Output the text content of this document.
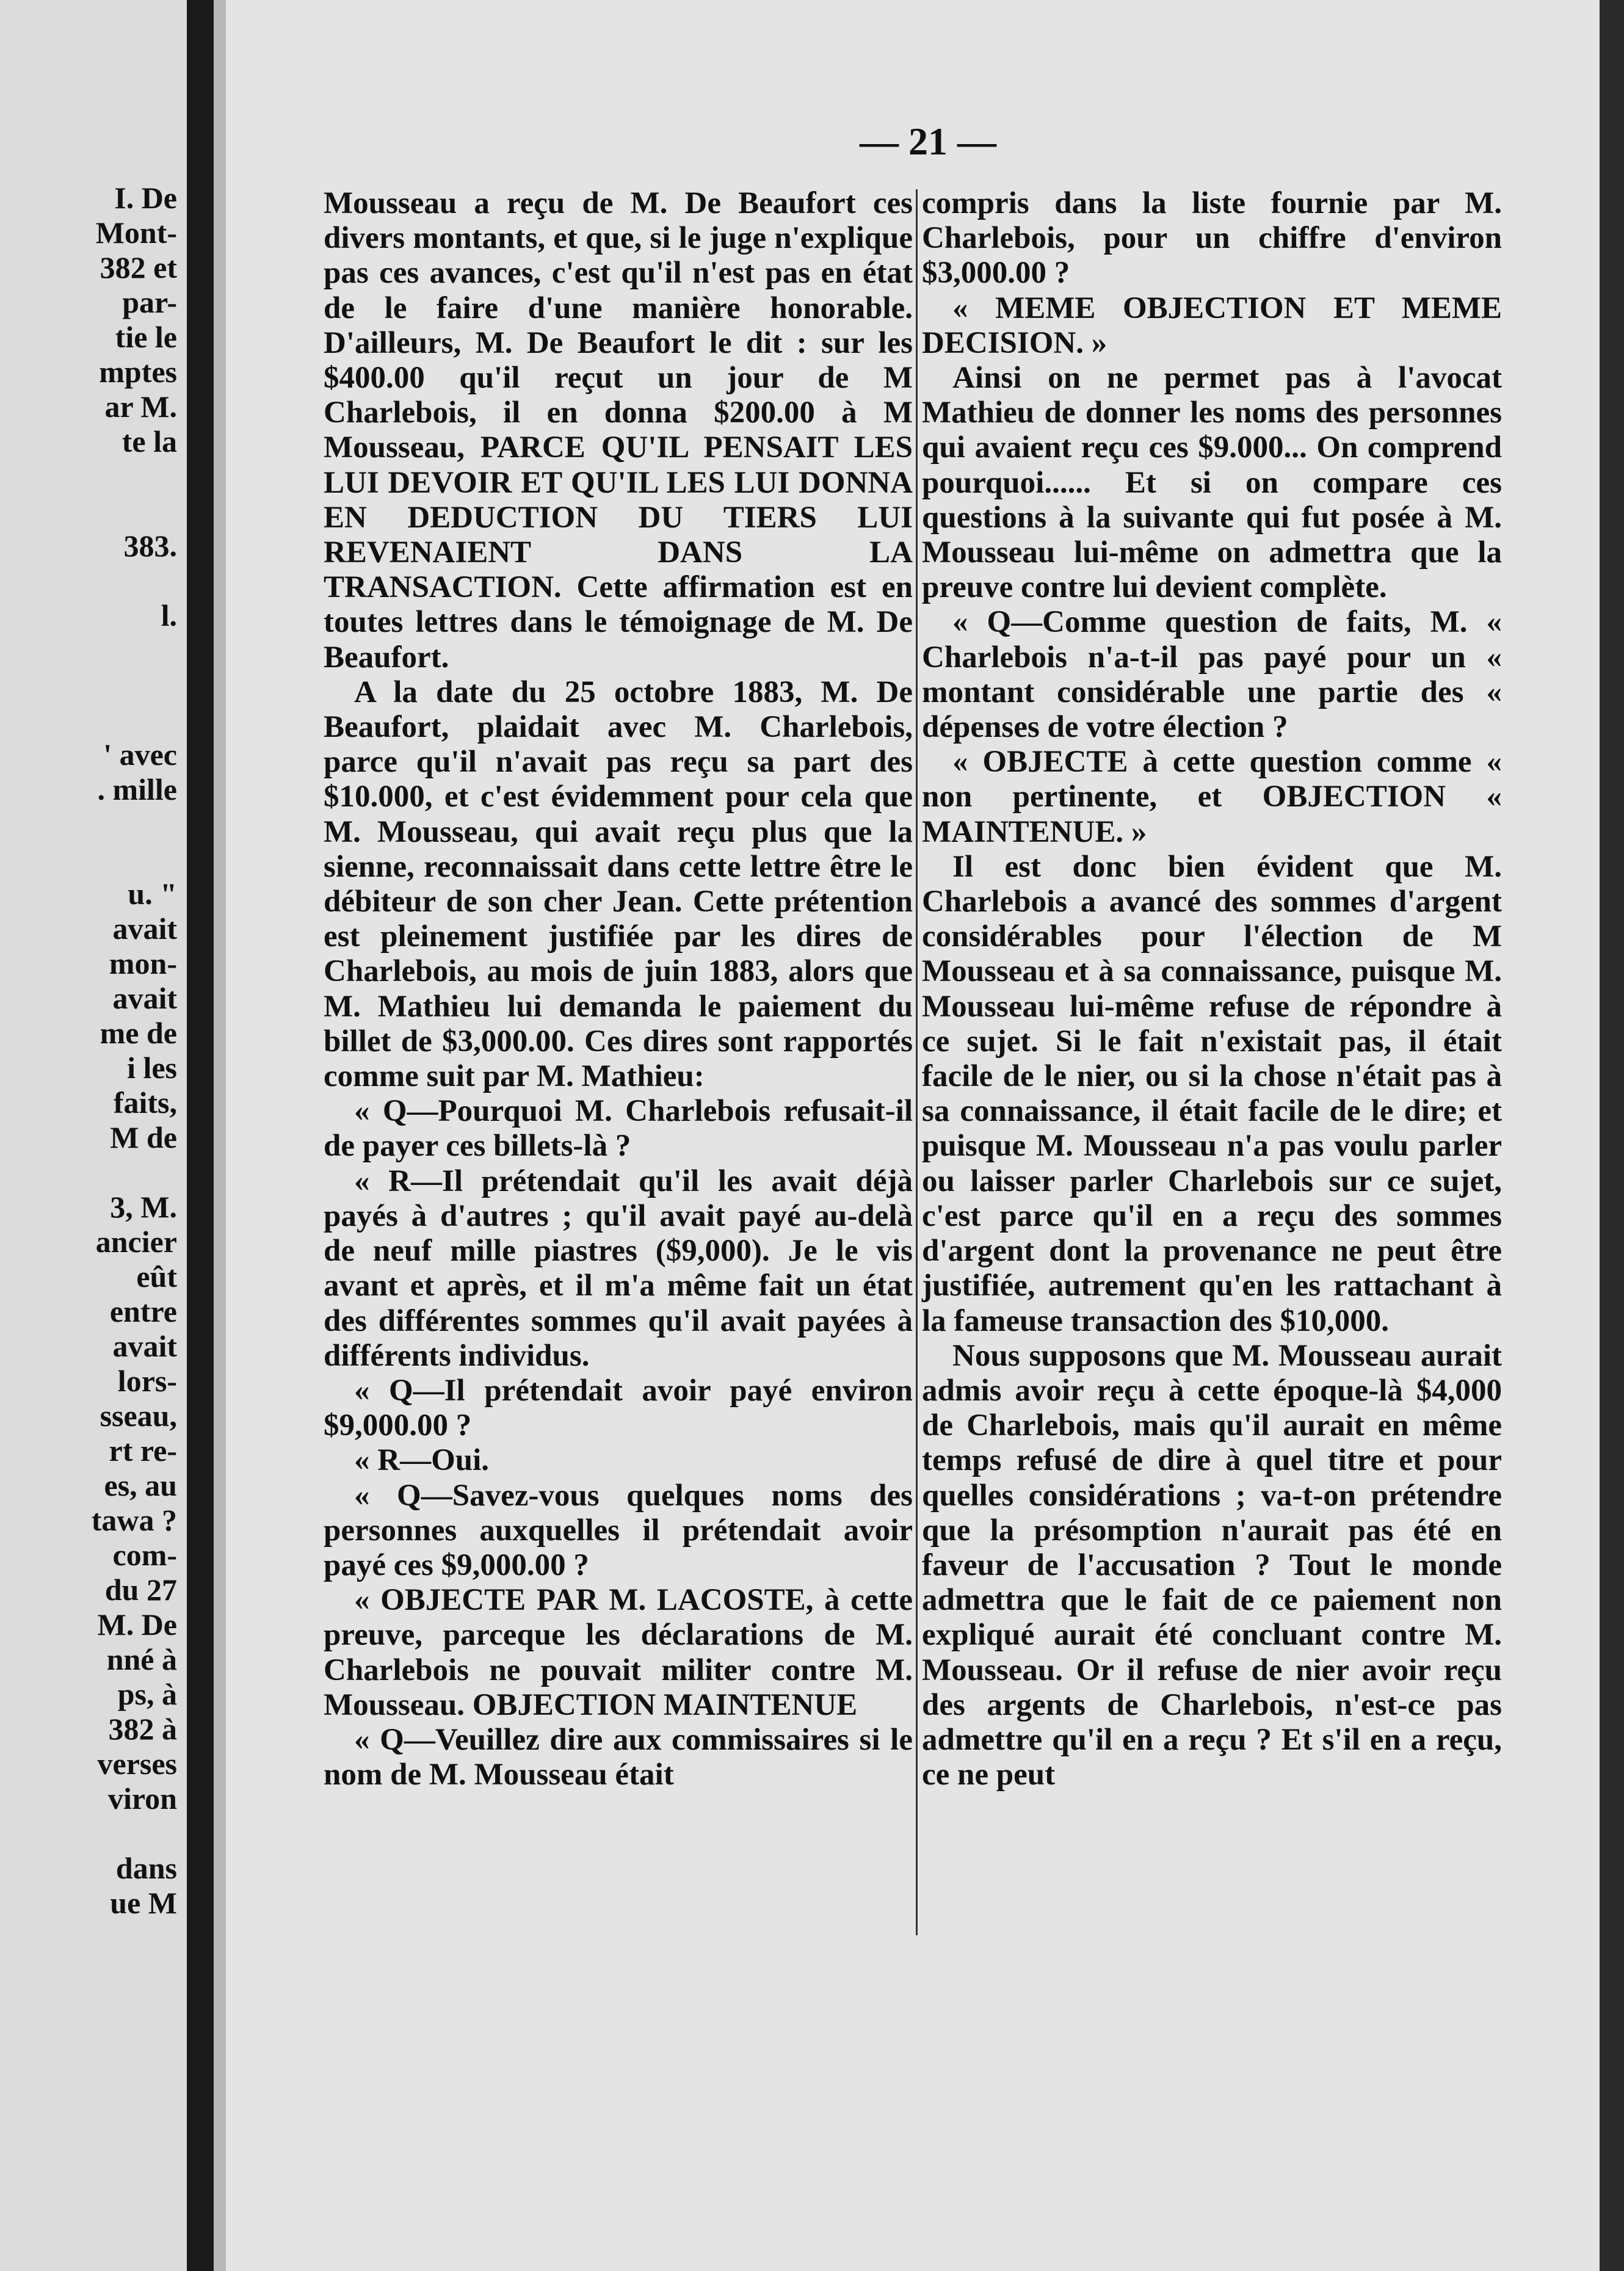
I. De
Mont-
382 et
par-
tie le
mptes
ar M.
te la

383.

l.

' avec
. mille

u. "
avait
mon-
avait
me de
i les
faits,
M de

3, M.
ancier
eût
entre
avait
lors-
sseau,
rt re-
es, au
tawa ?
com-
du 27
M. De
nné à
ps, à
382 à
verses
viron

dans
ue M
— 21 —

Mousseau a reçu de M. De Beaufort ces divers montants, et que, si le juge n'explique pas ces avances, c'est qu'il n'est pas en état de le faire d'une manière honorable. D'ailleurs, M. De Beaufort le dit : sur les $400.00 qu'il reçut un jour de M Charlebois, il en donna $200.00 à M Mousseau, PARCE QU'IL PENSAIT LES LUI DEVOIR ET QU'IL LES LUI DONNA EN DEDUCTION DU TIERS LUI REVENAIENT DANS LA TRANSACTION. Cette affirmation est en toutes lettres dans le témoignage de M. De Beaufort.

A la date du 25 octobre 1883, M. De Beaufort, plaidait avec M. Charlebois, parce qu'il n'avait pas reçu sa part des $10.000, et c'est évidemment pour cela que M. Mousseau, qui avait reçu plus que la sienne, reconnaissait dans cette lettre être le débiteur de son cher Jean. Cette prétention est pleinement justifiée par les dires de Charlebois, au mois de juin 1883, alors que M. Mathieu lui demanda le paiement du billet de $3,000.00. Ces dires sont rapportés comme suit par M. Mathieu:

« Q—Pourquoi M. Charlebois refusait-il de payer ces billets-là ?

« R—Il prétendait qu'il les avait déjà payés à d'autres ; qu'il avait payé au-delà de neuf mille piastres ($9,000). Je le vis avant et après, et il m'a même fait un état des différentes sommes qu'il avait payées à différents individus.

« Q—Il prétendait avoir payé environ $9,000.00 ?

« R—Oui.

« Q—Savez-vous quelques noms des personnes auxquelles il prétendait avoir payé ces $9,000.00 ?

« OBJECTE PAR M. LACOSTE, à cette preuve, parceque les déclarations de M. Charlebois ne pouvait militer contre M. Mousseau. OBJECTION MAINTENUE

« Q—Veuillez dire aux commissaires si le nom de M. Mousseau était

compris dans la liste fournie par M. Charlebois, pour un chiffre d'environ $3,000.00 ?

« MEME OBJECTION ET MEME DECISION. »

Ainsi on ne permet pas à l'avocat Mathieu de donner les noms des personnes qui avaient reçu ces $9.000... On comprend pourquoi...... Et si on compare ces questions à la suivante qui fut posée à M. Mousseau lui-même on admettra que la preuve contre lui devient complète.

« Q—Comme question de faits, M. « Charlebois n'a-t-il pas payé pour un « montant considérable une partie des « dépenses de votre élection ?

« OBJECTE à cette question comme « non pertinente, et OBJECTION « MAINTENUE. »

Il est donc bien évident que M. Charlebois a avancé des sommes d'argent considérables pour l'élection de M Mousseau et à sa connaissance, puisque M. Mousseau lui-même refuse de répondre à ce sujet. Si le fait n'existait pas, il était facile de le nier, ou si la chose n'était pas à sa connaissance, il était facile de le dire; et puisque M. Mousseau n'a pas voulu parler ou laisser parler Charlebois sur ce sujet, c'est parce qu'il en a reçu des sommes d'argent dont la provenance ne peut être justifiée, autrement qu'en les rattachant à la fameuse transaction des $10,000.

Nous supposons que M. Mousseau aurait admis avoir reçu à cette époque-là $4,000 de Charlebois, mais qu'il aurait en même temps refusé de dire à quel titre et pour quelles considérations ; va-t-on prétendre que la présomption n'aurait pas été en faveur de l'accusation ? Tout le monde admettra que le fait de ce paiement non expliqué aurait été concluant contre M. Mousseau. Or il refuse de nier avoir reçu des argents de Charlebois, n'est-ce pas admettre qu'il en a reçu ? Et s'il en a reçu, ce ne peut
